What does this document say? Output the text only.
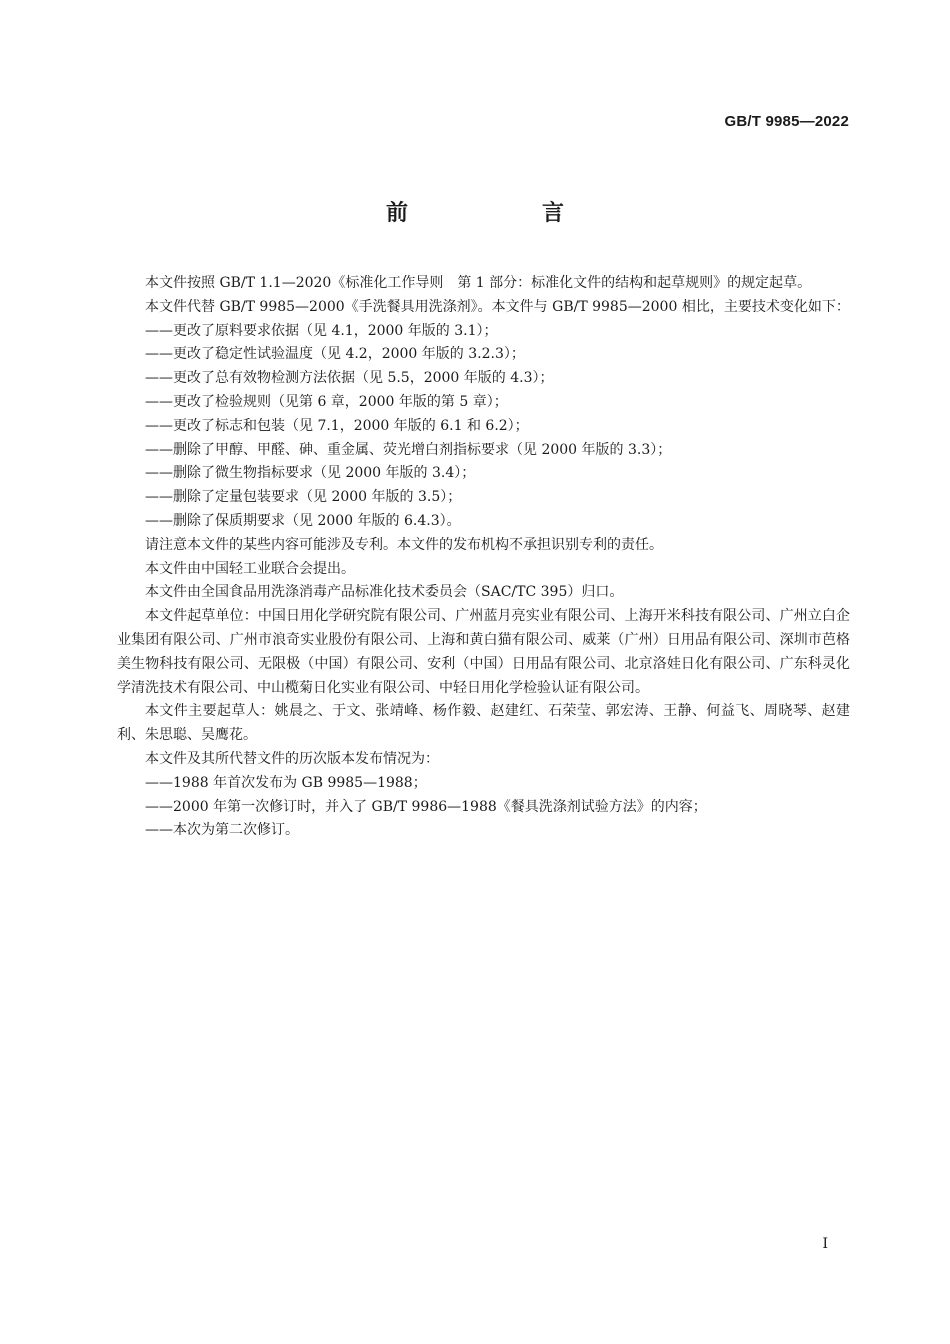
GB/T 9985—2022
前　言

本文件按照 GB/T 1.1—2020《标准化工作导则　第 1 部分：标准化文件的结构和起草规则》的规定起草。

本文件代替 GB/T 9985—2000《手洗餐具用洗涤剂》。本文件与 GB/T 9985—2000 相比，主要技术变化如下：

——更改了原料要求依据（见 4.1，2000 年版的 3.1）；

——更改了稳定性试验温度（见 4.2，2000 年版的 3.2.3）；

——更改了总有效物检测方法依据（见 5.5，2000 年版的 4.3）；

——更改了检验规则（见第 6 章，2000 年版的第 5 章）；

——更改了标志和包装（见 7.1，2000 年版的 6.1 和 6.2）；

——删除了甲醇、甲醛、砷、重金属、荧光增白剂指标要求（见 2000 年版的 3.3）；

——删除了微生物指标要求（见 2000 年版的 3.4）；

——删除了定量包装要求（见 2000 年版的 3.5）；

——删除了保质期要求（见 2000 年版的 6.4.3）。

请注意本文件的某些内容可能涉及专利。本文件的发布机构不承担识别专利的责任。

本文件由中国轻工业联合会提出。

本文件由全国食品用洗涤消毒产品标准化技术委员会（SAC/TC 395）归口。

本文件起草单位：中国日用化学研究院有限公司、广州蓝月亮实业有限公司、上海开米科技有限公司、广州立白企业集团有限公司、广州市浪奇实业股份有限公司、上海和黄白猫有限公司、威莱（广州）日用品有限公司、深圳市芭格美生物科技有限公司、无限极（中国）有限公司、安利（中国）日用品有限公司、北京洛娃日化有限公司、广东科灵化学清洗技术有限公司、中山榄菊日化实业有限公司、中轻日用化学检验认证有限公司。

本文件主要起草人：姚晨之、于文、张靖峰、杨作毅、赵建红、石荣莹、郭宏涛、王静、何益飞、周晓琴、赵建利、朱思聪、吴鹰花。

本文件及其所代替文件的历次版本发布情况为：

——1988 年首次发布为 GB 9985—1988；

——2000 年第一次修订时，并入了 GB/T 9986—1988《餐具洗涤剂试验方法》的内容；

——本次为第二次修订。

I
